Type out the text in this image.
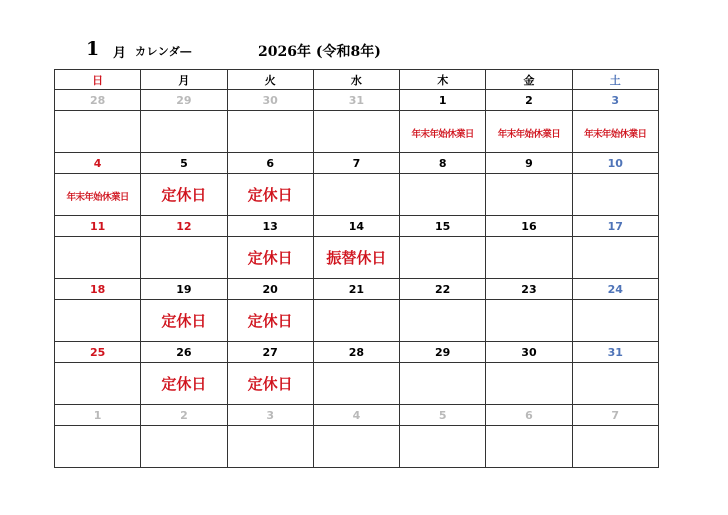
1 月 カレンダ―	2026年 (令和8年)
日	月	火	水	木	金	土
28	29	30	31	1	2	3
				年末年始休業日	年末年始休業日	年末年始休業日
4	5	6	7	8	9	10
年末年始休業日	定休日	定休日				
11	12	13	14	15	16	17
		定休日	振替休日			
18	19	20	21	22	23	24
	定休日	定休日				
25	26	27	28	29	30	31
	定休日	定休日				
1	2	3	4	5	6	7
